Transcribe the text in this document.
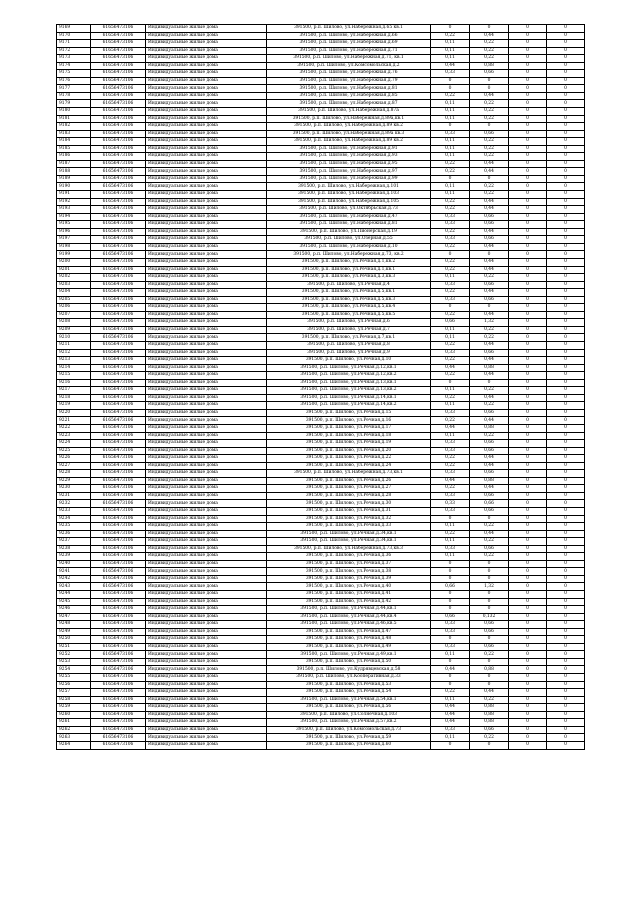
9169	61656473106	Индивидуальные жилые дома	391500, р.п. Шилово, ул.Набережная,д.65 кв.1	0	0	0	0
9170	61656473106	Индивидуальные жилые дома	391500, р.п. Шилово, ул.Набережная,д.66	0,22	0,44	0	0
9171	61656473106	Индивидуальные жилые дома	391500, р.п. Шилово, ул.Набережная,д.69	0,11	0,22	0	0
9172	61656473106	Индивидуальные жилые дома	391500, р.п. Шилово, ул.Набережная,д.71	0,11	0,22	0	0
9173	61656473106	Индивидуальные жилые дома	391500, р.п. Шилово, ул.Набережная,д.71, кв.1	0,11	0,22	0	0
9174	61656473106	Индивидуальные жилые дома	391500, р.п. Шилово, ул.Комсомольская,д.2	0,44	0,88	0	0
9175	61656473106	Индивидуальные жилые дома	391500, р.п. Шилово, ул.Набережная,д.76	0,33	0,66	0	0
9176	61656473106	Индивидуальные жилые дома	391500, р.п. Шилово, ул.Набережная,д.79	0	0	0	0
9177	61656473106	Индивидуальные жилые дома	391500, р.п. Шилово, ул.Набережная,д.81	0	0	0	0
9178	61656473106	Индивидуальные жилые дома	391500, р.п. Шилово, ул.Набережная,д.85	0,22	0,44	0	0
9179	61656473106	Индивидуальные жилые дома	391500, р.п. Шилово, ул.Набережная,д.87	0,11	0,22	0	0
9180	61656473106	Индивидуальные жилые дома	391500, р.п. Шилово, ул.Набережная,д.87а	0,11	0,22	0	0
9181	61656473106	Индивидуальные жилые дома	391500, р.п. Шилово, ул.Набережная,д.89а,кв.1	0,11	0,22	0	0
9182	61656473106	Индивидуальные жилые дома	391500, р.п. Шилово, ул.Набережная,д.89 кв.2	0	0	0	0
9183	61656473106	Индивидуальные жилые дома	391500, р.п. Шилово, ул.Набережная,д.89а кв.3	0,33	0,66	0	0
9184	61656473106	Индивидуальные жилые дома	391500, р.п. Шилово, ул.Набережная,д.89 кв.2	0,11	0,22	0	0
9185	61656473106	Индивидуальные жилые дома	391500, р.п. Шилово, ул.Набережная,д.91	0,11	0,22	0	0
9186	61656473106	Индивидуальные жилые дома	391500, р.п. Шилово, ул.Набережная,д.93	0,11	0,22	0	0
9187	61656473106	Индивидуальные жилые дома	391500, р.п. Шилово, ул.Набережная,д.95	0,22	0,44	0	0
9188	61656473106	Индивидуальные жилые дома	391500, р.п. Шилово, ул.Набережная,д.97	0,22	0,44	0	0
9189	61656473106	Индивидуальные жилые дома	391500, р.п. Шилово, ул.Набережная,д.99	0	0	0	0
9190	61656473106	Индивидуальные жилые дома	391500, р.п. Шилово, ул.Набережная,д.101	0,11	0,22	0	0
9191	61656473106	Индивидуальные жилые дома	391500, р.п. Шилово, ул.Набережная,д.103	0,11	0,22	0	0
9192	61656473106	Индивидуальные жилые дома	391500, р.п. Шилово, ул.Набережная,д.105	0,22	0,44	0	0
9193	61656473106	Индивидуальные жилые дома	391500, р.п. Шилово, ул.Октябрьская,д.73	0,22	0,44	0	0
9194	61656473106	Индивидуальные жилые дома	391500, р.п. Шилово, ул.Набережная,д.47	0,33	0,66	0	0
9195	61656473106	Индивидуальные жилые дома	391500, р.п. Шилово, ул.Набережная,д.81	0,33	0,66	0	0
9196	61656473106	Индивидуальные жилые дома	391500, р.п. Шилово, ул.Пионерская,д.19	0,22	0,44	0	0
9197	61656473106	Индивидуальные жилые дома	391500, р.п. Шилово, ул.Озерная,д.55	0,33	0,66	0	0
9198	61656473106	Индивидуальные жилые дома	391500, р.п. Шилово, ул.Набережная,д.10	0,22	0,44	0	0
9199	61656473106	Индивидуальные жилые дома	391500, р.п. Шилово, ул.Набережная,д.73, кв.2	0	0	0	0
9200	61656473106	Индивидуальные жилые дома	391500, р.п. Шилово, ул.Речная,д.1,кв.2	0,22	0,44	0	0
9201	61656473106	Индивидуальные жилые дома	391500, р.п. Шилово, ул.Речная,д.1,кв.1	0,22	0,44	0	0
9202	61656473106	Индивидуальные жилые дома	391500, р.п. Шилово, ул.Речная,д.3,кв.3	0,11	0,22	0	0
9203	61656473106	Индивидуальные жилые дома	391500, р.п. Шилово, ул.Речная,д.4	0,33	0,66	0	0
9204	61656473106	Индивидуальные жилые дома	391500, р.п. Шилово, ул.Речная,д.5,кв.1	0,22	0,44	0	0
9205	61656473106	Индивидуальные жилые дома	391500, р.п. Шилово, ул.Речная,д.5,кв.3	0,33	0,66	0	0
9206	61656473106	Индивидуальные жилые дома	391500, р.п. Шилово, ул.Речная,д.5,кв.4	0	0	0	0
9207	61656473106	Индивидуальные жилые дома	391500, р.п. Шилово, ул.Речная,д.5,кв.5	0,22	0,44	0	0
9208	61656473106	Индивидуальные жилые дома	391500, р.п. Шилово, ул.Речная,д.6	0,66	1,32	0	0
9209	61656473106	Индивидуальные жилые дома	391500, р.п. Шилово, ул.Речная,д.7	0,11	0,22	0	0
9210	61656473106	Индивидуальные жилые дома	391500, р.п. Шилово, ул.Речная,д.7,кв.1	0,11	0,22	0	0
9211	61656473106	Индивидуальные жилые дома	391500, р.п. Шилово, ул.Речная,д.8	0,22	0,44	0	0
9212	61656473106	Индивидуальные жилые дома	391500, р.п. Шилово, ул.Речная,д.9	0,33	0,66	0	0
9213	61656473106	Индивидуальные жилые дома	391500, р.п. Шилово, ул.Речная,д.10	0,22	0,44	0	0
9214	61656473106	Индивидуальные жилые дома	391500, р.п. Шилово, ул.Речная,д.12,кв.1	0,44	0,88	0	0
9215	61656473106	Индивидуальные жилые дома	391500, р.п. Шилово, ул.Речная,д.12,кв.2	0,22	0,44	0	0
9216	61656473106	Индивидуальные жилые дома	391500, р.п. Шилово, ул.Речная,д.13,кв.1	0	0	0	0
9217	61656473106	Индивидуальные жилые дома	391500, р.п. Шилово, ул.Речная,д.13,кв.2	0,11	0,22	0	0
9218	61656473106	Индивидуальные жилые дома	391500, р.п. Шилово, ул.Речная,д.14,кв.1	0,22	0,44	0	0
9219	61656473106	Индивидуальные жилые дома	391500, р.п. Шилово, ул.Речная,д.14,кв.2	0,11	0,22	0	0
9220	61656473106	Индивидуальные жилые дома	391500, р.п. Шилово, ул.Речная,д.15	0,33	0,66	0	0
9221	61656473106	Индивидуальные жилые дома	391500, р.п. Шилово, ул.Речная,д.16	0,22	0,44	0	0
9222	61656473106	Индивидуальные жилые дома	391500, р.п. Шилово, ул.Речная,д.17	0,44	0,88	0	0
9223	61656473106	Индивидуальные жилые дома	391500, р.п. Шилово, ул.Речная,д.18	0,11	0,22	0	0
9224	61656473106	Индивидуальные жилые дома	391500, р.п. Шилово, ул.Речная,д.19	0,33	0,66	0	0
9225	61656473106	Индивидуальные жилые дома	391500, р.п. Шилово, ул.Речная,д.20	0,33	0,66	0	0
9226	61656473106	Индивидуальные жилые дома	391500, р.п. Шилово, ул.Речная,д.22	0,22	0,44	0	0
9227	61656473106	Индивидуальные жилые дома	391500, р.п. Шилово, ул.Речная,д.24	0,22	0,44	0	0
9228	61656473106	Индивидуальные жилые дома	391500, р.п. Шилово, ул.Набережная,д.73,кв.1	0,33	0,66	0	0
9229	61656473106	Индивидуальные жилые дома	391500, р.п. Шилово, ул.Речная,д.26	0,44	0,88	0	0
9230	61656473106	Индивидуальные жилые дома	391500, р.п. Шилово, ул.Речная,д.27	0,22	0,44	0	0
9231	61656473106	Индивидуальные жилые дома	391500, р.п. Шилово, ул.Речная,д.28	0,33	0,66	0	0
9232	61656473106	Индивидуальные жилые дома	391500, р.п. Шилово, ул.Речная,д.30	0,33	0,66	0	0
9233	61656473106	Индивидуальные жилые дома	391500, р.п. Шилово, ул.Речная,д.31	0,33	0,66	0	0
9234	61656473106	Индивидуальные жилые дома	391500, р.п. Шилово, ул.Речная,д.32	0	0	0	0
9235	61656473106	Индивидуальные жилые дома	391500, р.п. Шилово, ул.Речная,д.33	0,11	0,22	0	0
9236	61656473106	Индивидуальные жилые дома	391500, р.п. Шилово, ул.Речная,д.34,кв.1	0,22	0,44	0	0
9237	61656473106	Индивидуальные жилые дома	391500, р.п. Шилово, ул.Речная,д.34,кв.1	0,11	0,22	0	0
9238	61656473106	Индивидуальные жилые дома	391500, р.п. Шилово, ул.Набережная,д.73,кв.3	0,33	0,66	0	0
9239	61656473106	Индивидуальные жилые дома	391500, р.п. Шилово, ул.Речная,д.36	0,11	0,22	0	0
9240	61656473106	Индивидуальные жилые дома	391500, р.п. Шилово, ул.Речная,д.37	0	0	0	0
9241	61656473106	Индивидуальные жилые дома	391500, р.п. Шилово, ул.Речная,д.38	0	0	0	0
9242	61656473106	Индивидуальные жилые дома	391500, р.п. Шилово, ул.Речная,д.39	0	0	0	0
9243	61656473106	Индивидуальные жилые дома	391500, р.п. Шилово, ул.Речная,д.40	0,66	1,32	0	0
9244	61656473106	Индивидуальные жилые дома	391500, р.п. Шилово, ул.Речная,д.41	0	0	0	0
9245	61656473106	Индивидуальные жилые дома	391500, р.п. Шилово, ул.Речная,д.42	0	0	0	0
9246	61656473106	Индивидуальные жилые дома	391500, р.п. Шилово, ул.Речная,д.44,кв.1	0	0	0	0
9247	61656473106	Индивидуальные жилые дома	391500, р.п. Шилово, ул.Речная,д.44,кв.4	0,66	0,132	0	0
9248	61656473106	Индивидуальные жилые дома	391500, р.п. Шилово, ул.Речная,д.46,кв.5	0,33	0,66	0	0
9249	61656473106	Индивидуальные жилые дома	391500, р.п. Шилово, ул.Речная,д.47	0,33	0,66	0	0
9250	61656473106	Индивидуальные жилые дома	391500, р.п. Шилово, ул.Речная,д.48	0	0	0	0
9251	61656473106	Индивидуальные жилые дома	391500, р.п. Шилово, ул.Речная,д.49	0,33	0,66	0	0
9252	61656473106	Индивидуальные жилые дома	391500, р.п. Шилово, ул.Речная,д.49,кв.1	0,11	0,22	0	0
9253	61656473106	Индивидуальные жилые дома	391500, р.п. Шилово, ул.Речная,д.50	0	0	0	0
9254	61656473106	Индивидуальные жилые дома	391500, р.п. Шилово, ул.Кудрявцевская,д.58	0,44	0,88	0	0
9255	61656473106	Индивидуальные жилые дома	391500, р.п. Шилово, ул.Кооперативная,д.33	0	0	0	0
9256	61656473106	Индивидуальные жилые дома	391500, р.п. Шилово, ул.Речная,д.53	0	0	0	0
9257	61656473106	Индивидуальные жилые дома	391500, р.п. Шилово, ул.Речная,д.54	0,22	0,44	0	0
9258	61656473106	Индивидуальные жилые дома	391500, р.п. Шилово, ул.Речная,д.54,кв.1	0,11	0,22	0	0
9259	61656473106	Индивидуальные жилые дома	391500, р.п. Шилово, ул.Речная,д.56	0,44	0,88	0	0
9260	61656473106	Индивидуальные жилые дома	391500, р.п. Шилово, ул.Солнечная,д.103	0,44	0,88	0	0
9261	61656473106	Индивидуальные жилые дома	391500, р.п. Шилово, ул.Речная,д.57,кв.2	0,44	0,88	0	0
9262	61656473106	Индивидуальные жилые дома	391500, р.п. Шилово, ул.Комсомольская,д.73	0,33	0,66	0	0
9263	61656473106	Индивидуальные жилые дома	391500, р.п. Шилово, ул.Речная,д.59	0,11	0,22	0	0
9264	61656473106	Индивидуальные жилые дома	391500, р.п. Шилово, ул.Речная,д.60	0	0	0	0
